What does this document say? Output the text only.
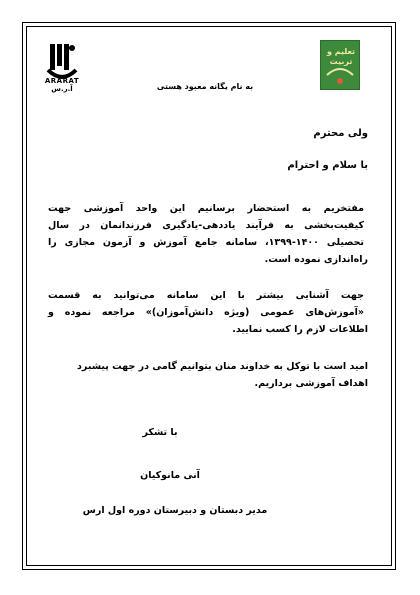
ARARAT
ﺁ.ر.ﺱ
تعلیم و تربیت
به نام یگانه معبود هستی
ولی محترم
با سلام و احترام
مفتخریم به استحضار برسانیم این واحد آموزشی جهت
کیفیت‌بخشی به فرآیند یاددهی-یادگیری فرزندانمان در سال
تحصیلی ۱۴۰۰-۱۳۹۹، سامانه جامع آموزش و آزمون مجازی را
راه‌اندازی نموده است.
جهت آشنایی بیشتر با این سامانه می‌توانید به قسمت
«آموزش‌های عمومی (ویژه دانش‌آموزان)» مراجعه نموده و
اطلاعات لازم را کسب نمایید.
امید است با توکل به خداوند منان بتوانیم گامی در جهت پیشبرد
اهداف آموزشی برداریم.
با تشکر
آنی مانوکیان
مدیر دبستان و دبیرستان دوره اول ارس
